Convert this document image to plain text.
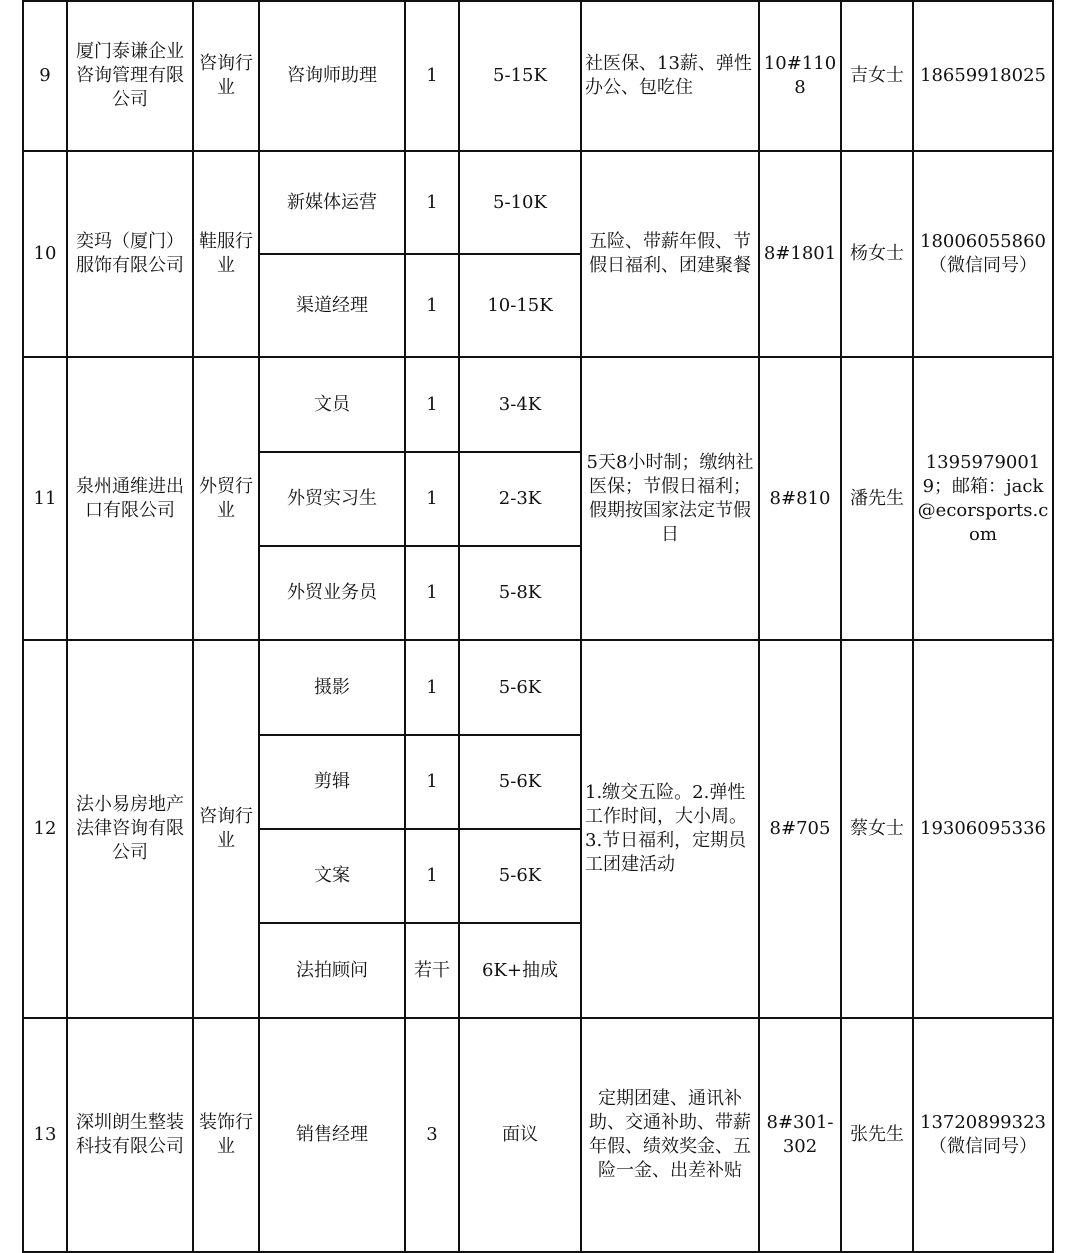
9	厦门泰谦企业咨询管理有限公司	咨询行业	咨询师助理	1	5-15K	社医保、13薪、弹性办公、包吃住	10#1108	吉女士	18659918025
10	奕玛（厦门）服饰有限公司	鞋服行业	新媒体运营	1	5-10K	五险、带薪年假、节假日福利、团建聚餐	8#1801	杨女士	18006055860（微信同号）
			渠道经理	1	10-15K				
11	泉州通维进出口有限公司	外贸行业	文员	1	3-4K	5天8小时制；缴纳社医保；节假日福利；假期按国家法定节假日	8#810	潘先生	13959790019；邮箱：jack@ecorsports.com
			外贸实习生	1	2-3K				
			外贸业务员	1	5-8K				
12	法小易房地产法律咨询有限公司	咨询行业	摄影	1	5-6K	1.缴交五险。2.弹性工作时间，大小周。3.节日福利，定期员工团建活动	8#705	蔡女士	19306095336
			剪辑	1	5-6K				
			文案	1	5-6K				
			法拍顾问	若干	6K+抽成				
13	深圳朗生整装科技有限公司	装饰行业	销售经理	3	面议	定期团建、通讯补助、交通补助、带薪年假、绩效奖金、五险一金、出差补贴	8#301-302	张先生	13720899323（微信同号）
